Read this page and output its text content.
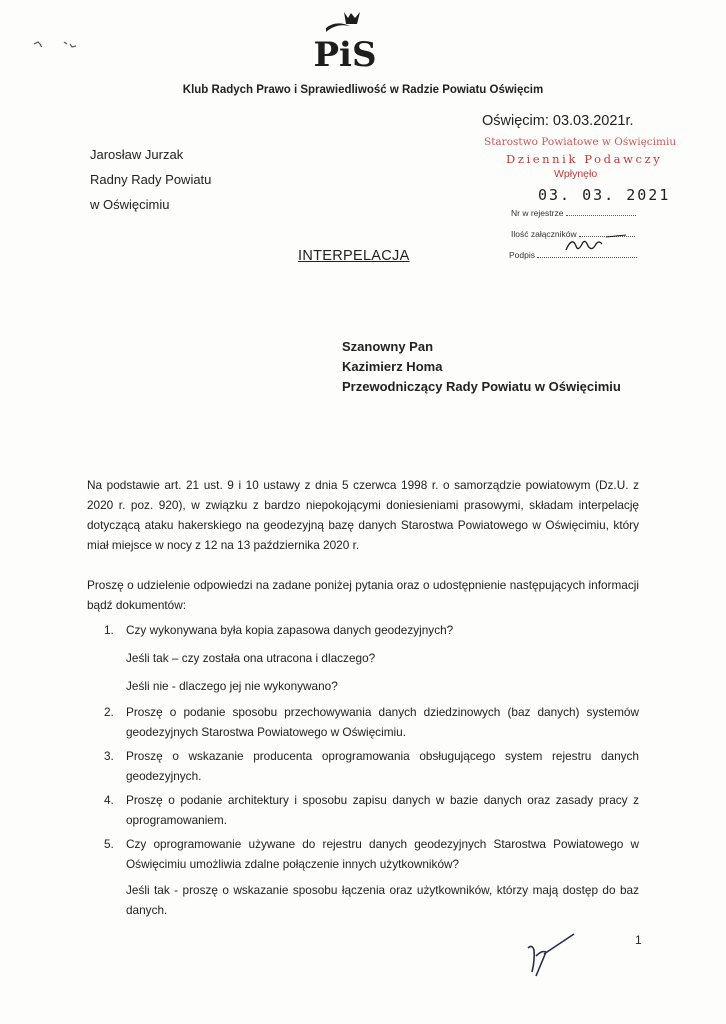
PiS
Klub Radych Prawo i Sprawiedliwość w Radzie Powiatu Oświęcim
Oświęcim: 03.03.2021r.
Jarosław Jurzak
Radny Rady Powiatu
w Oświęcimiu
Starostwo Powiatowe w Oświęcimiu
Dziennik Podawczy
Wpłynęło
03. 03. 2021
Nr w rejestrze
Ilość załączników
Podpis
INTERPELACJA
Szanowny Pan
Kazimierz Homa
Przewodniczący Rady Powiatu w Oświęcimiu
Na podstawie art. 21 ust. 9 i 10 ustawy z dnia 5 czerwca 1998 r. o samorządzie powiatowym (Dz.U. z 2020 r. poz. 920), w związku z bardzo niepokojącymi doniesieniami prasowymi, składam interpelację dotyczącą ataku hakerskiego na geodezyjną bazę danych Starostwa Powiatowego w Oświęcimiu, który miał miejsce w nocy z 12 na 13 października 2020 r.
Proszę o udzielenie odpowiedzi na zadane poniżej pytania oraz o udostępnienie następujących informacji bądź dokumentów:
1. Czy wykonywana była kopia zapasowa danych geodezyjnych?
Jeśli tak – czy została ona utracona i dlaczego?
Jeśli nie - dlaczego jej nie wykonywano?
2. Proszę o podanie sposobu przechowywania danych dziedzinowych (baz danych) systemów geodezyjnych Starostwa Powiatowego w Oświęcimiu.
3. Proszę o wskazanie producenta oprogramowania obsługującego system rejestru danych geodezyjnych.
4. Proszę o podanie architektury i sposobu zapisu danych w bazie danych oraz zasady pracy z oprogramowaniem.
5. Czy oprogramowanie używane do rejestru danych geodezyjnych Starostwa Powiatowego w Oświęcimiu umożliwia zdalne połączenie innych użytkowników?
Jeśli tak - proszę o wskazanie sposobu łączenia oraz użytkowników, którzy mają dostęp do baz danych.
1
